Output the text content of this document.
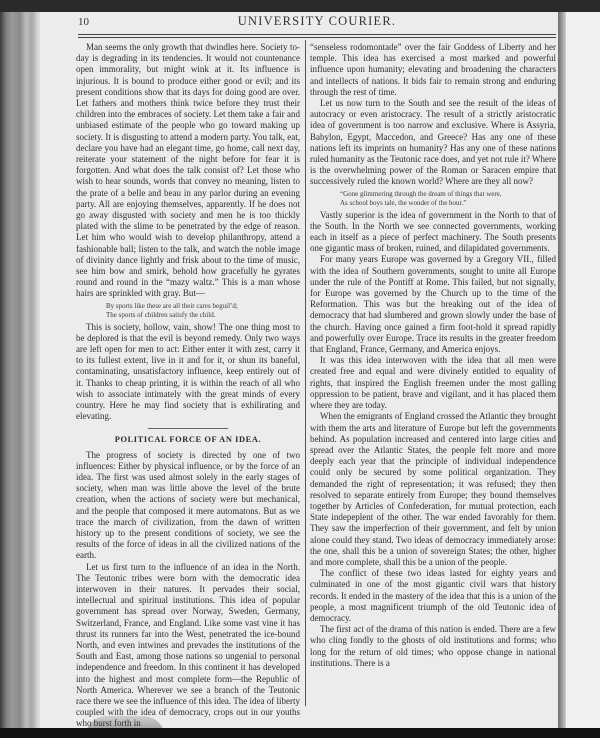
10	UNIVERSITY COURIER.

Man seems the only growth that dwindles here. Society to-day is degrading in its tendencies. It would not countenance open immorality, but might wink at it. Its influence is injurious. It is bound to produce either good or evil; and its present conditions show that its days for doing good are over. Let fathers and mothers think twice before they trust their children into the embraces of society. Let them take a fair and unbiased estimate of the people who go toward making up society. It is disgusting to attend a modern party. You talk, eat, declare you have had an elegant time, go home, call next day, reiterate your statement of the night before for fear it is forgotten. And what does the talk consist of? Let those who wish to hear sounds, words that convey no meaning, listen to the prate of a belle and beau in any parlor during an evening party. All are enjoying themselves, apparently. If he does not go away disgusted with society and men he is too thickly plated with the slime to be penetrated by the edge of reason. Let him who would wish to develop philanthropy, attend a fashionable ball; listen to the talk, and watch the noble image of divinity dance lightly and frisk about to the time of music, see him bow and smirk, behold how gracefully he gyrates round and round in the “mazy waltz.” This is a man whose hairs are sprinkled with gray. But—

By sports like these are all their cares beguil’d;
The sports of children satisfy the child.

This is society, hollow, vain, show! The one thing most to be deplored is that the evil is beyond remedy. Only two ways are left open for men to act: Either enter it with zest, carry it to its fullest extent, live in it and for it, or shun its baneful, contaminating, unsatisfactory influence, keep entirely out of it. Thanks to cheap printing, it is within the reach of all who wish to associate intimately with the great minds of every country. Here he may find society that is exhilirating and elevating.

POLITICAL FORCE OF AN IDEA.

The progress of society is directed by one of two influences: Either by physical influence, or by the force of an idea. The first was used almost solely in the early stages of society, when man was little above the level of the brute creation, when the actions of society were but mechanical, and the people that composed it mere automatons. But as we trace the march of civilization, from the dawn of written history up to the present conditions of society, we see the results of the force of ideas in all the civilized nations of the earth.

Let us first turn to the influence of an idea in the North. The Teutonic tribes were born with the democratic idea interwoven in their natures. It pervades their social, intellectual and spiritual institutions. This idea of popular government has spread over Norway, Sweden, Germany, Switzerland, France, and England. Like some vast vine it has thrust its runners far into the West, penetrated the ice-bound North, and even intwines and prevades the institutions of the South and East, among those nations so ungenial to personal independence and freedom. In this continent it has developed into the highest and most complete form—the Republic of North America. Wherever we see a branch of the Teutonic race there we see the influence of this idea. The idea of liberty coupled with the idea of democracy, crops out in our youths who burst forth in

“senseless rodomontade” over the fair Goddess of Liberty and her temple. This idea has exercised a most marked and powerful influence upon humanity; elevating and broadening the characters and intellects of nations. It bids fair to remain strong and enduring through the rest of time.

Let us now turn to the South and see the result of the ideas of autocracy or even aristocracy. The result of a strictly aristocratic idea of government is too narrow and exclusive. Where is Assyria, Babylon, Egypt, Maccedon, and Greece? Has any one of these nations left its imprints on humanity? Has any one of these nations ruled humanity as the Teutonic race does, and yet not rule it? Where is the overwhelming power of the Roman or Saracen empire that successively ruled the known world? Where are they all now?

“Gone glimmering through the dream of things that were,
As school boys tale, the wonder of the hour.”

Vastly superior is the idea of government in the North to that of the South. In the North we see connected governments, working each in itself as a piece of perfect machinery. The South presents one gigantic mass of broken, ruined, and dilapidated governments.

For many years Europe was governed by a Gregory VII., filled with the idea of Southern governments, sought to unite all Europe under the rule of the Pontiff at Rome. This failed, but not signally, for Europe was governed by the Church up to the time of the Reformation. This was but the breaking out of the idea of democracy that had slumbered and grown slowly under the base of the church. Having once gained a firm foot-hold it spread rapidly and powerfully over Europe. Trace its results in the greater freedom that England, France, Germany, and America enjoys.

It was this idea interwoven with the idea that all men were created free and equal and were divinely entitled to equality of rights, that inspired the English freemen under the most galling oppression to be patient, brave and vigilant, and it has placed them where they are today.

When the emigrants of England crossed the Atlantic they brought with them the arts and literature of Europe but left the governments behind. As population increased and centered into large cities and spread over the Atlantic States, the people felt more and more deeply each year that the principle of individual independence could only be secured by some political organization. They demanded the right of representation; it was refused; they then resolved to separate entirely from Europe; they bound themselves together by Articles of Confederation, for mutual protection, each State indepeplent of the other. The war ended favorably for them. They saw the imperfection of their government, and felt by union alone could they stand. Two ideas of democracy immediately arose: the one, shall this be a union of sovereign States; the other, higher and more complete, shall this be a union of the people.

The conflict of these two ideas lasted for eighty years and culminated in one of the most gigantic civil wars that history records. It ended in the mastery of the idea that this is a union of the people, a most magnificent triumph of the old Teutonic idea of democracy.

The first act of the drama of this nation is ended. There are a few who cling fondly to the ghosts of old institutions and forms; who long for the return of old times; who oppose change in national institutions. There is a
